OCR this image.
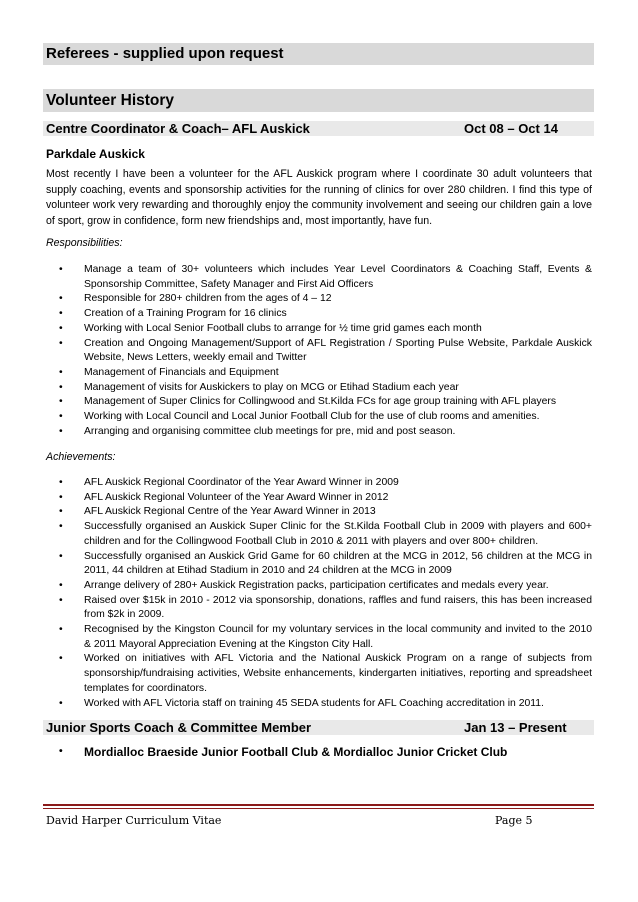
Referees - supplied upon request
Volunteer History
Centre Coordinator & Coach– AFL Auskick	Oct 08 – Oct 14
Parkdale Auskick

Most recently I have been a volunteer for the AFL Auskick program where I coordinate 30 adult volunteers that supply coaching, events and sponsorship activities for the running of clinics for over 280 children. I find this type of volunteer work very rewarding and thoroughly enjoy the community involvement and seeing our children gain a love of sport, grow in confidence, form new friendships and, most importantly, have fun.

Responsibilities:
• Manage a team of 30+ volunteers which includes Year Level Coordinators & Coaching Staff, Events & Sponsorship Committee, Safety Manager and First Aid Officers
• Responsible for 280+ children from the ages of 4 – 12
• Creation of a Training Program for 16 clinics
• Working with Local Senior Football clubs to arrange for ½ time grid games each month
• Creation and Ongoing Management/Support of AFL Registration / Sporting Pulse Website, Parkdale Auskick Website, News Letters, weekly email and Twitter
• Management of Financials and Equipment
• Management of visits for Auskickers to play on MCG or Etihad Stadium each year
• Management of Super Clinics for Collingwood and St.Kilda FCs for age group training with AFL players
• Working with Local Council and Local Junior Football Club for the use of club rooms and amenities.
• Arranging and organising committee club meetings for pre, mid and post season.
Achievements:
• AFL Auskick Regional Coordinator of the Year Award Winner in 2009
• AFL Auskick Regional Volunteer of the Year Award Winner in 2012
• AFL Auskick Regional Centre of the Year Award Winner in 2013
• Successfully organised an Auskick Super Clinic for the St.Kilda Football Club in 2009 with players and 600+ children and for the Collingwood Football Club in 2010 & 2011 with players and over 800+ children.
• Successfully organised an Auskick Grid Game for 60 children at the MCG in 2012, 56 children at the MCG in 2011, 44 children at Etihad Stadium in 2010 and 24 children at the MCG in 2009
• Arrange delivery of 280+ Auskick Registration packs, participation certificates and medals every year.
• Raised over $15k in 2010 - 2012 via sponsorship, donations, raffles and fund raisers, this has been increased from $2k in 2009.
• Recognised by the Kingston Council for my voluntary services in the local community and invited to the 2010 & 2011 Mayoral Appreciation Evening at the Kingston City Hall.
• Worked on initiatives with AFL Victoria and the National Auskick Program on a range of subjects from sponsorship/fundraising activities, Website enhancements, kindergarten initiatives, reporting and spreadsheet templates for coordinators.
• Worked with AFL Victoria staff on training 45 SEDA students for AFL Coaching accreditation in 2011.
Junior Sports Coach & Committee Member	Jan 13 – Present
• Mordialloc Braeside Junior Football Club & Mordialloc Junior Cricket Club
David Harper Curriculum Vitae	Page 5
